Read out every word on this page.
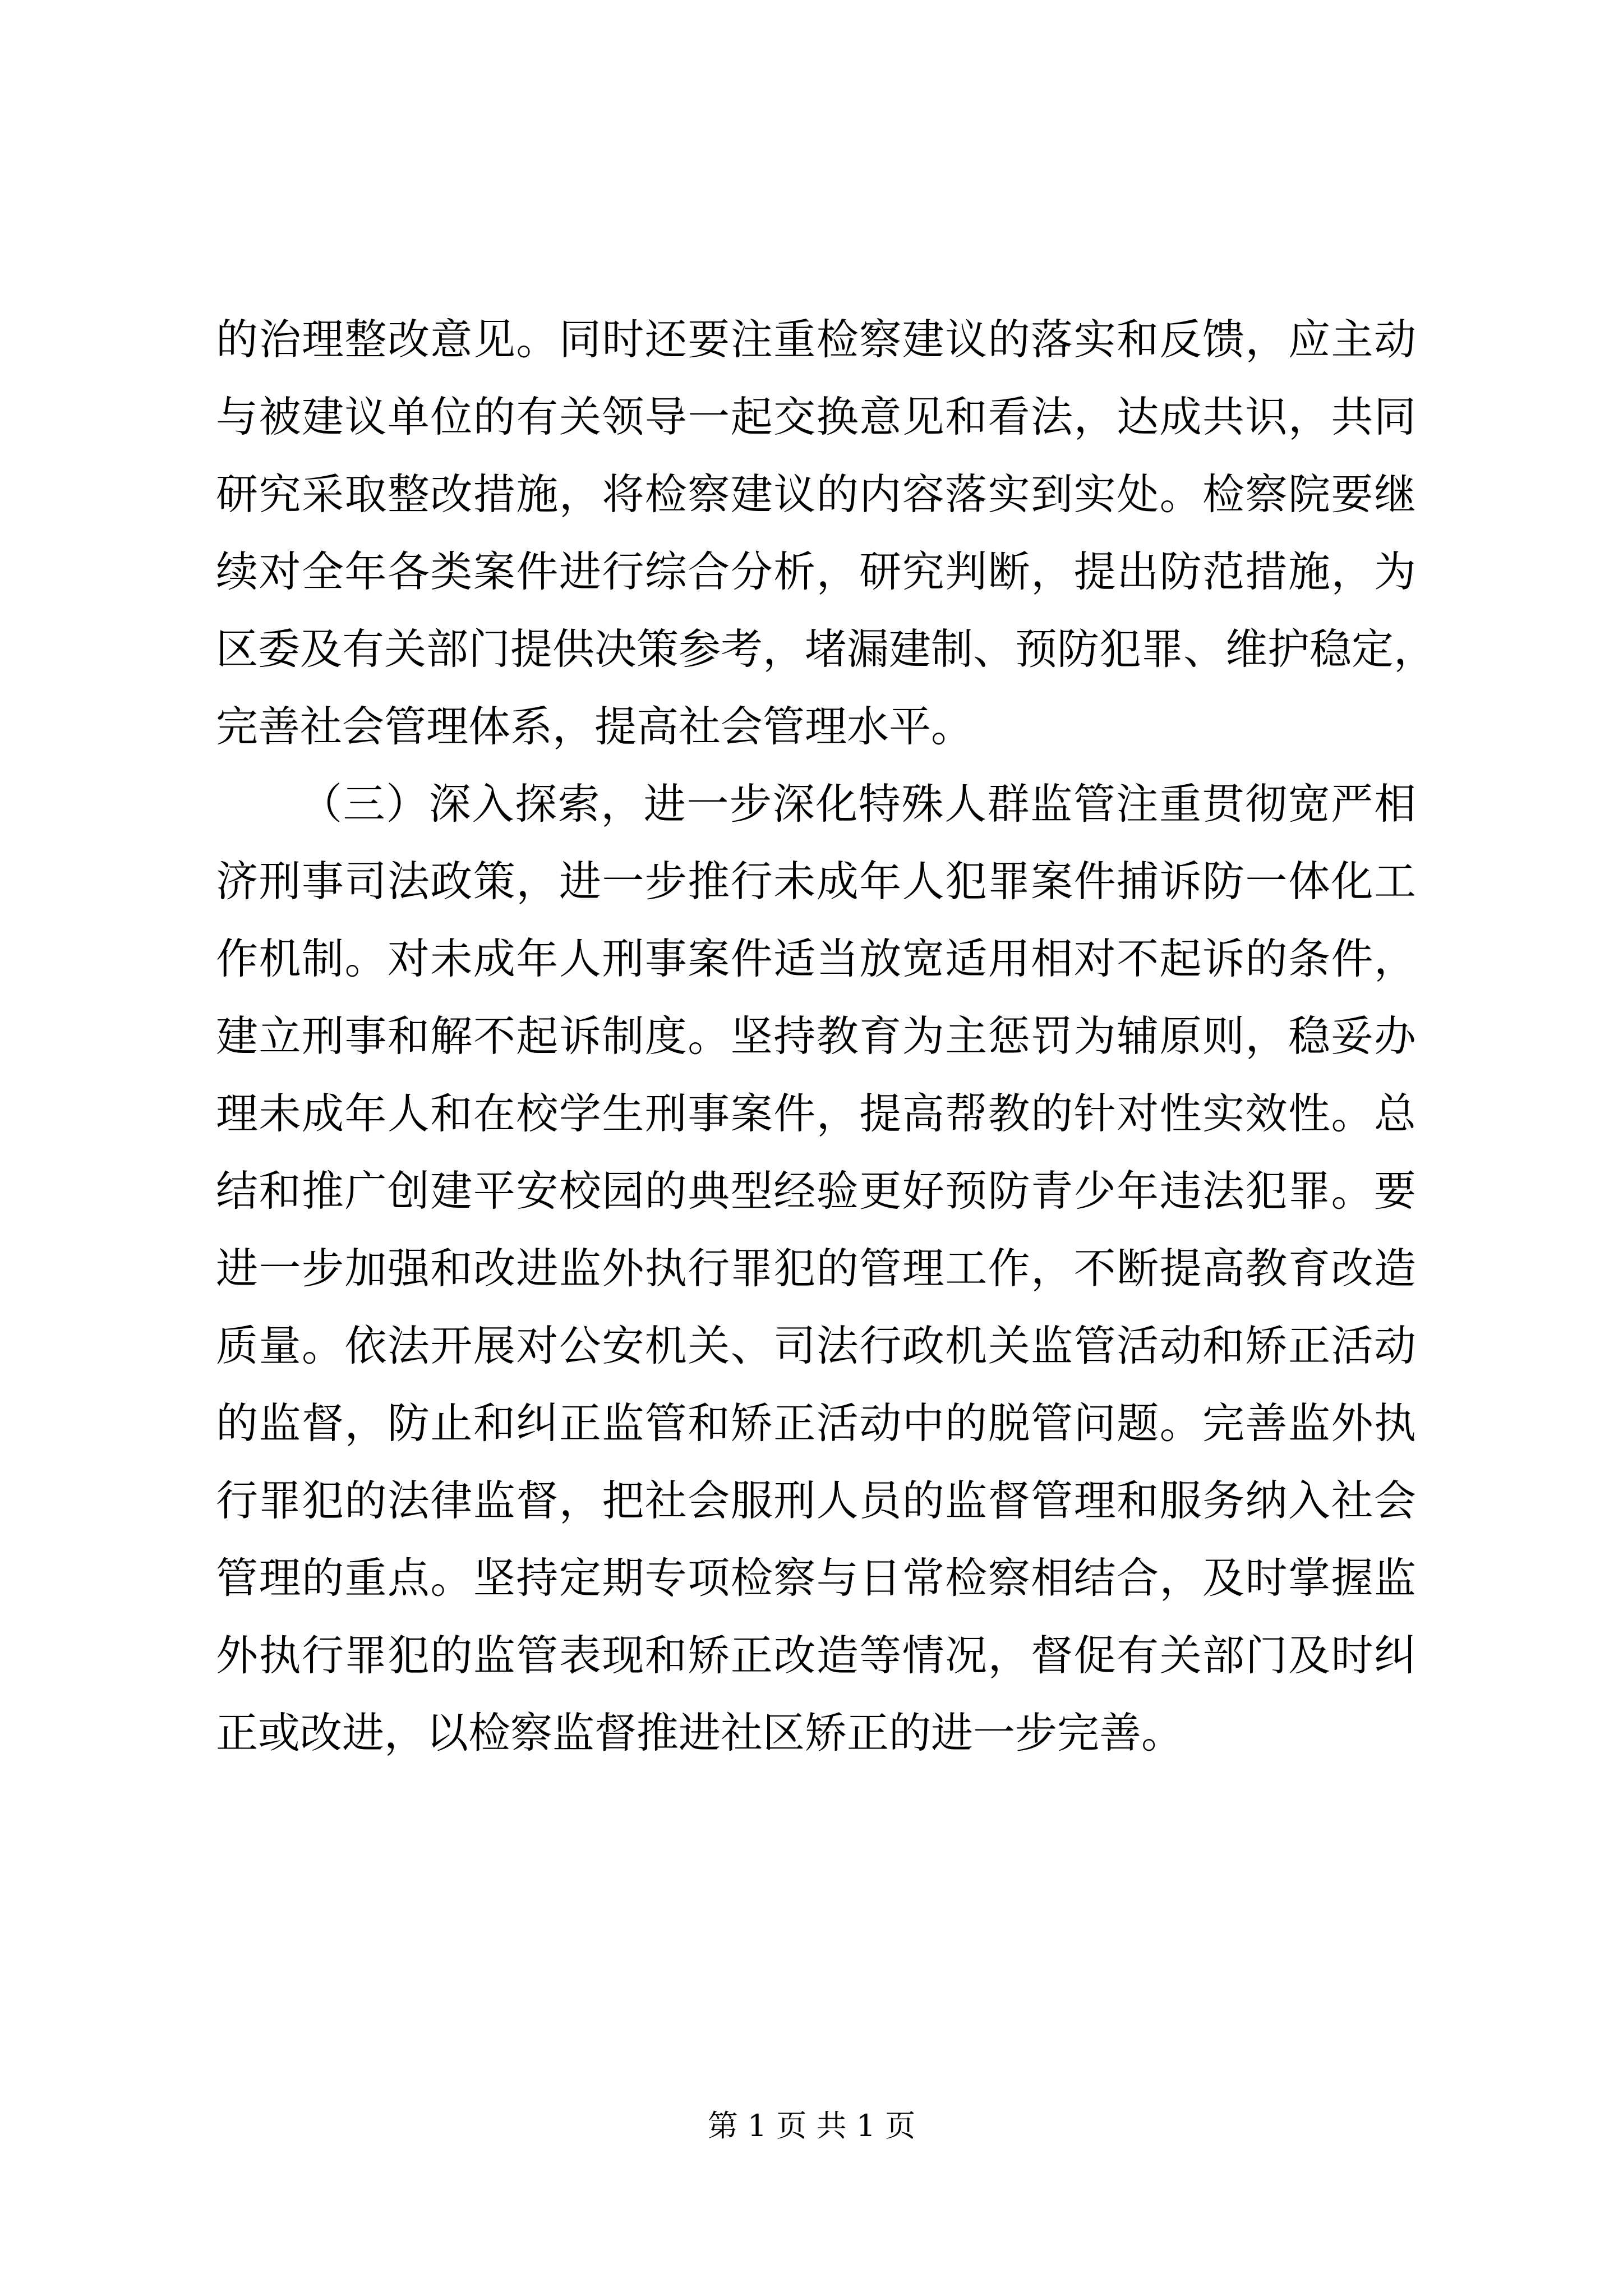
的治理整改意见。同时还要注重检察建议的落实和反馈，应主动
与被建议单位的有关领导一起交换意见和看法，达成共识，共同
研究采取整改措施，将检察建议的内容落实到实处。检察院要继
续对全年各类案件进行综合分析，研究判断，提出防范措施，为
区委及有关部门提供决策参考，堵漏建制、预防犯罪、维护稳定，
完善社会管理体系，提高社会管理水平。
（三）深入探索，进一步深化特殊人群监管注重贯彻宽严相
济刑事司法政策，进一步推行未成年人犯罪案件捕诉防一体化工
作机制。对未成年人刑事案件适当放宽适用相对不起诉的条件，
建立刑事和解不起诉制度。坚持教育为主惩罚为辅原则，稳妥办
理未成年人和在校学生刑事案件，提高帮教的针对性实效性。总
结和推广创建平安校园的典型经验更好预防青少年违法犯罪。要
进一步加强和改进监外执行罪犯的管理工作，不断提高教育改造
质量。依法开展对公安机关、司法行政机关监管活动和矫正活动
的监督，防止和纠正监管和矫正活动中的脱管问题。完善监外执
行罪犯的法律监督，把社会服刑人员的监督管理和服务纳入社会
管理的重点。坚持定期专项检察与日常检察相结合，及时掌握监
外执行罪犯的监管表现和矫正改造等情况，督促有关部门及时纠
正或改进，以检察监督推进社区矫正的进一步完善。
第 1 页 共 1 页
